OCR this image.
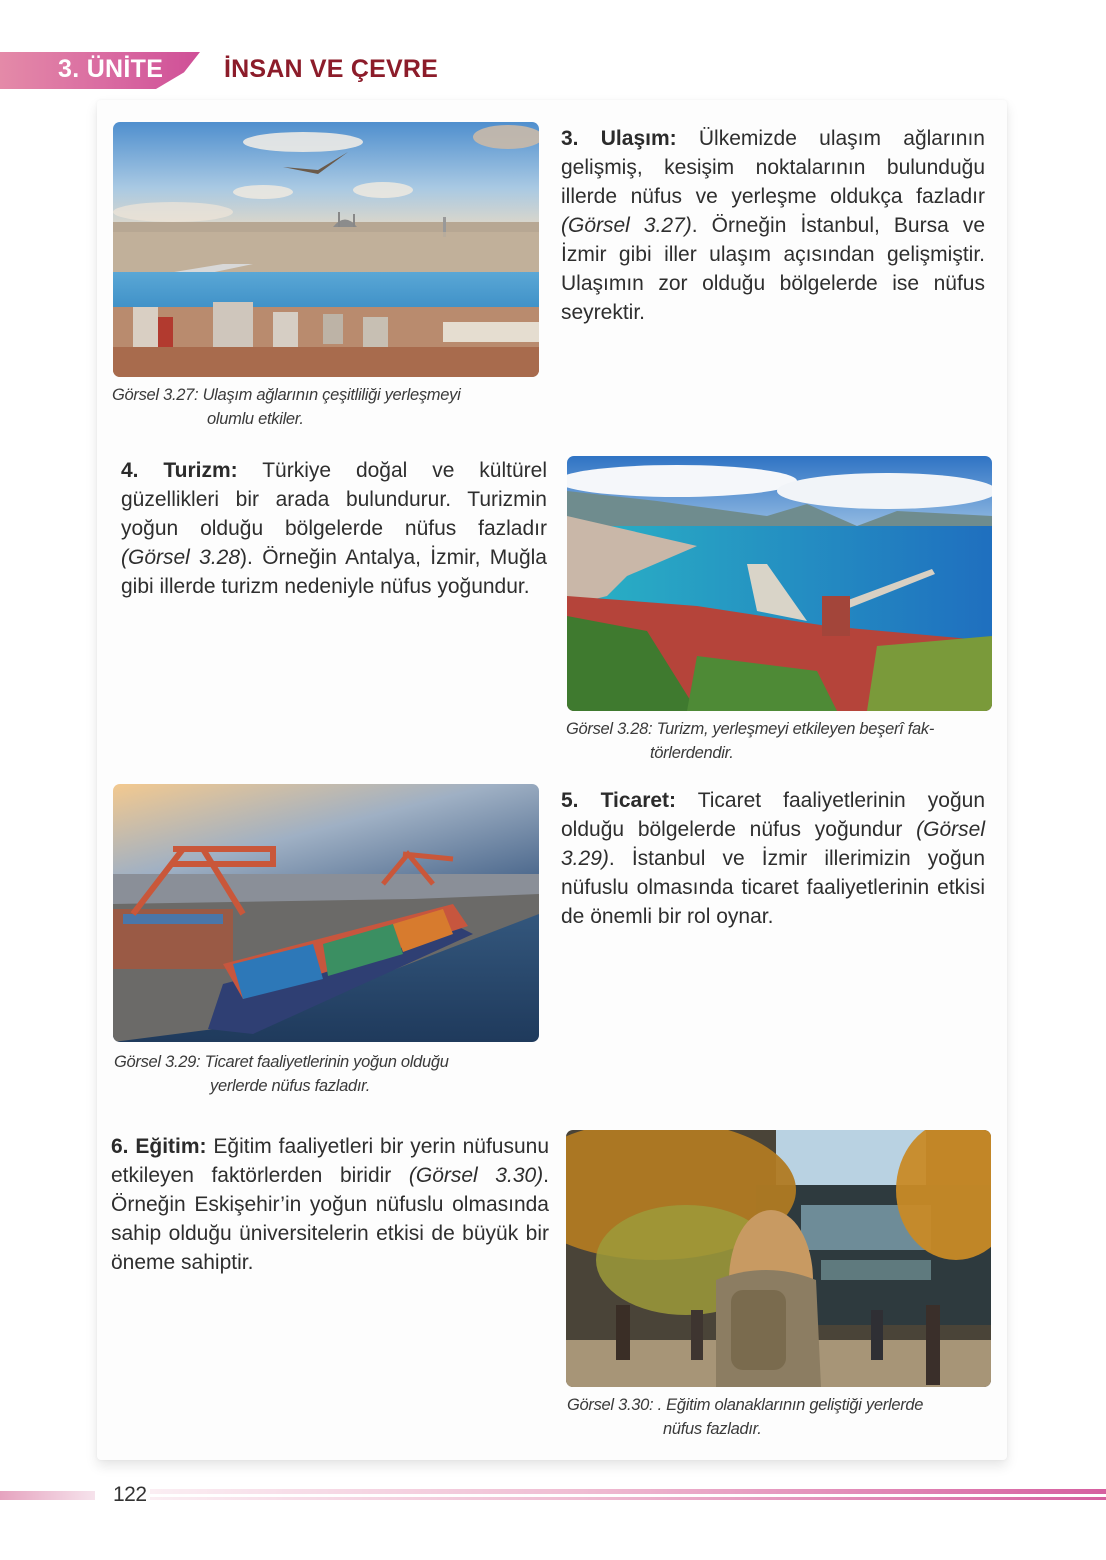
3. ÜNİTE İNSAN VE ÇEVRE
Görsel 3.27: Ulaşım ağlarının çeşitliliği yerleşmeyi
olumlu etkiler.
3. Ulaşım: Ülkemizde ulaşım ağlarının gelişmiş, kesişim noktalarının bulunduğu illerde nüfus ve yerleşme oldukça fazladır (Görsel 3.27). Örneğin İstanbul, Bursa ve İzmir gibi iller ulaşım açısından gelişmiştir. Ulaşımın zor olduğu bölgelerde ise nüfus seyrektir.
4. Turizm: Türkiye doğal ve kültürel güzellikleri bir arada bulundurur. Turizmin yoğun olduğu bölgelerde nüfus fazladır (Görsel 3.28). Örneğin Antalya, İzmir, Muğla gibi illerde turizm nedeniyle nüfus yoğundur.
Görsel 3.28: Turizm, yerleşmeyi etkileyen beşerî fak-
törlerdendir.
Görsel 3.29: Ticaret faaliyetlerinin yoğun olduğu
yerlerde nüfus fazladır.
5. Ticaret: Ticaret faaliyetlerinin yoğun olduğu bölgelerde nüfus yoğundur (Görsel 3.29). İstanbul ve İzmir illerimizin yoğun nüfuslu olmasında ticaret faaliyetlerinin etkisi de önemli bir rol oynar.
6. Eğitim: Eğitim faaliyetleri bir yerin nüfusunu etkileyen faktörlerden biridir (Görsel 3.30). Örneğin Eskişehir’in yoğun nüfuslu olmasında sahip olduğu üniversitelerin etkisi de büyük bir öneme sahiptir.
Görsel 3.30: . Eğitim olanaklarının geliştiği yerlerde
nüfus fazladır.
122
